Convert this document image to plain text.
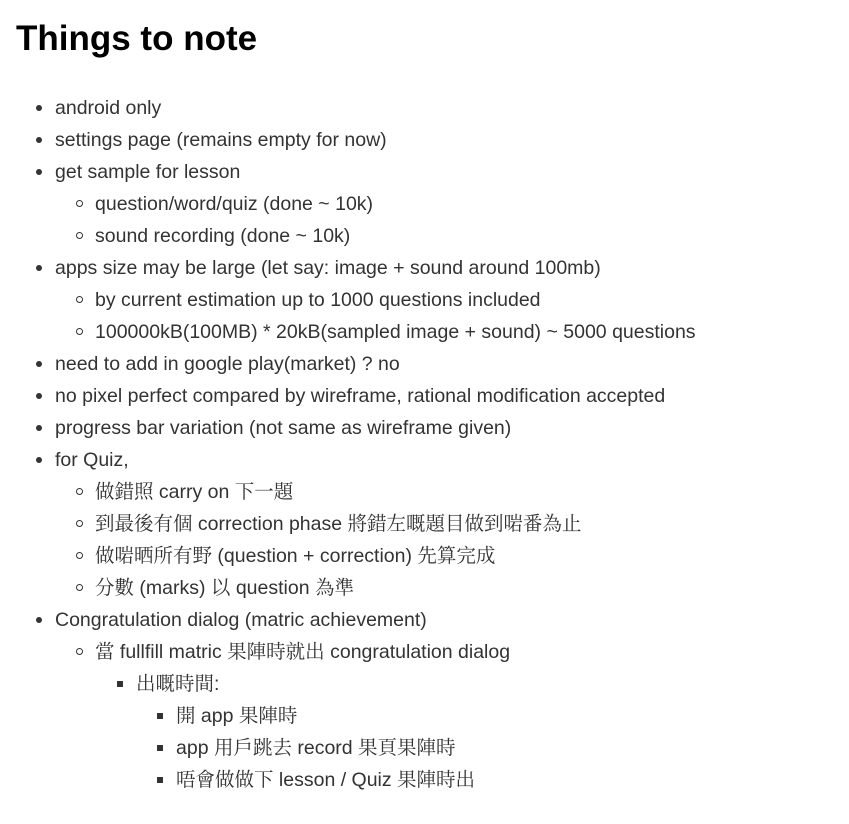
Things to note
android only
settings page (remains empty for now)
get sample for lesson
question/word/quiz (done ~ 10k)
sound recording (done ~ 10k)
apps size may be large (let say: image + sound around 100mb)
by current estimation up to 1000 questions included
100000kB(100MB) * 20kB(sampled image + sound) ~ 5000 questions
need to add in google play(market) ? no
no pixel perfect compared by wireframe, rational modification accepted
progress bar variation (not same as wireframe given)
for Quiz,
做錯照 carry on 下一題
到最後有個 correction phase 將錯左嘅題目做到啱番為止
做啱晒所有野 (question + correction) 先算完成
分數 (marks) 以 question 為準
Congratulation dialog (matric achievement)
當 fullfill matric 果陣時就出 congratulation dialog
出嘅時間:
開 app 果陣時
app 用戶跳去 record 果頁果陣時
唔會做做下 lesson / Quiz 果陣時出
